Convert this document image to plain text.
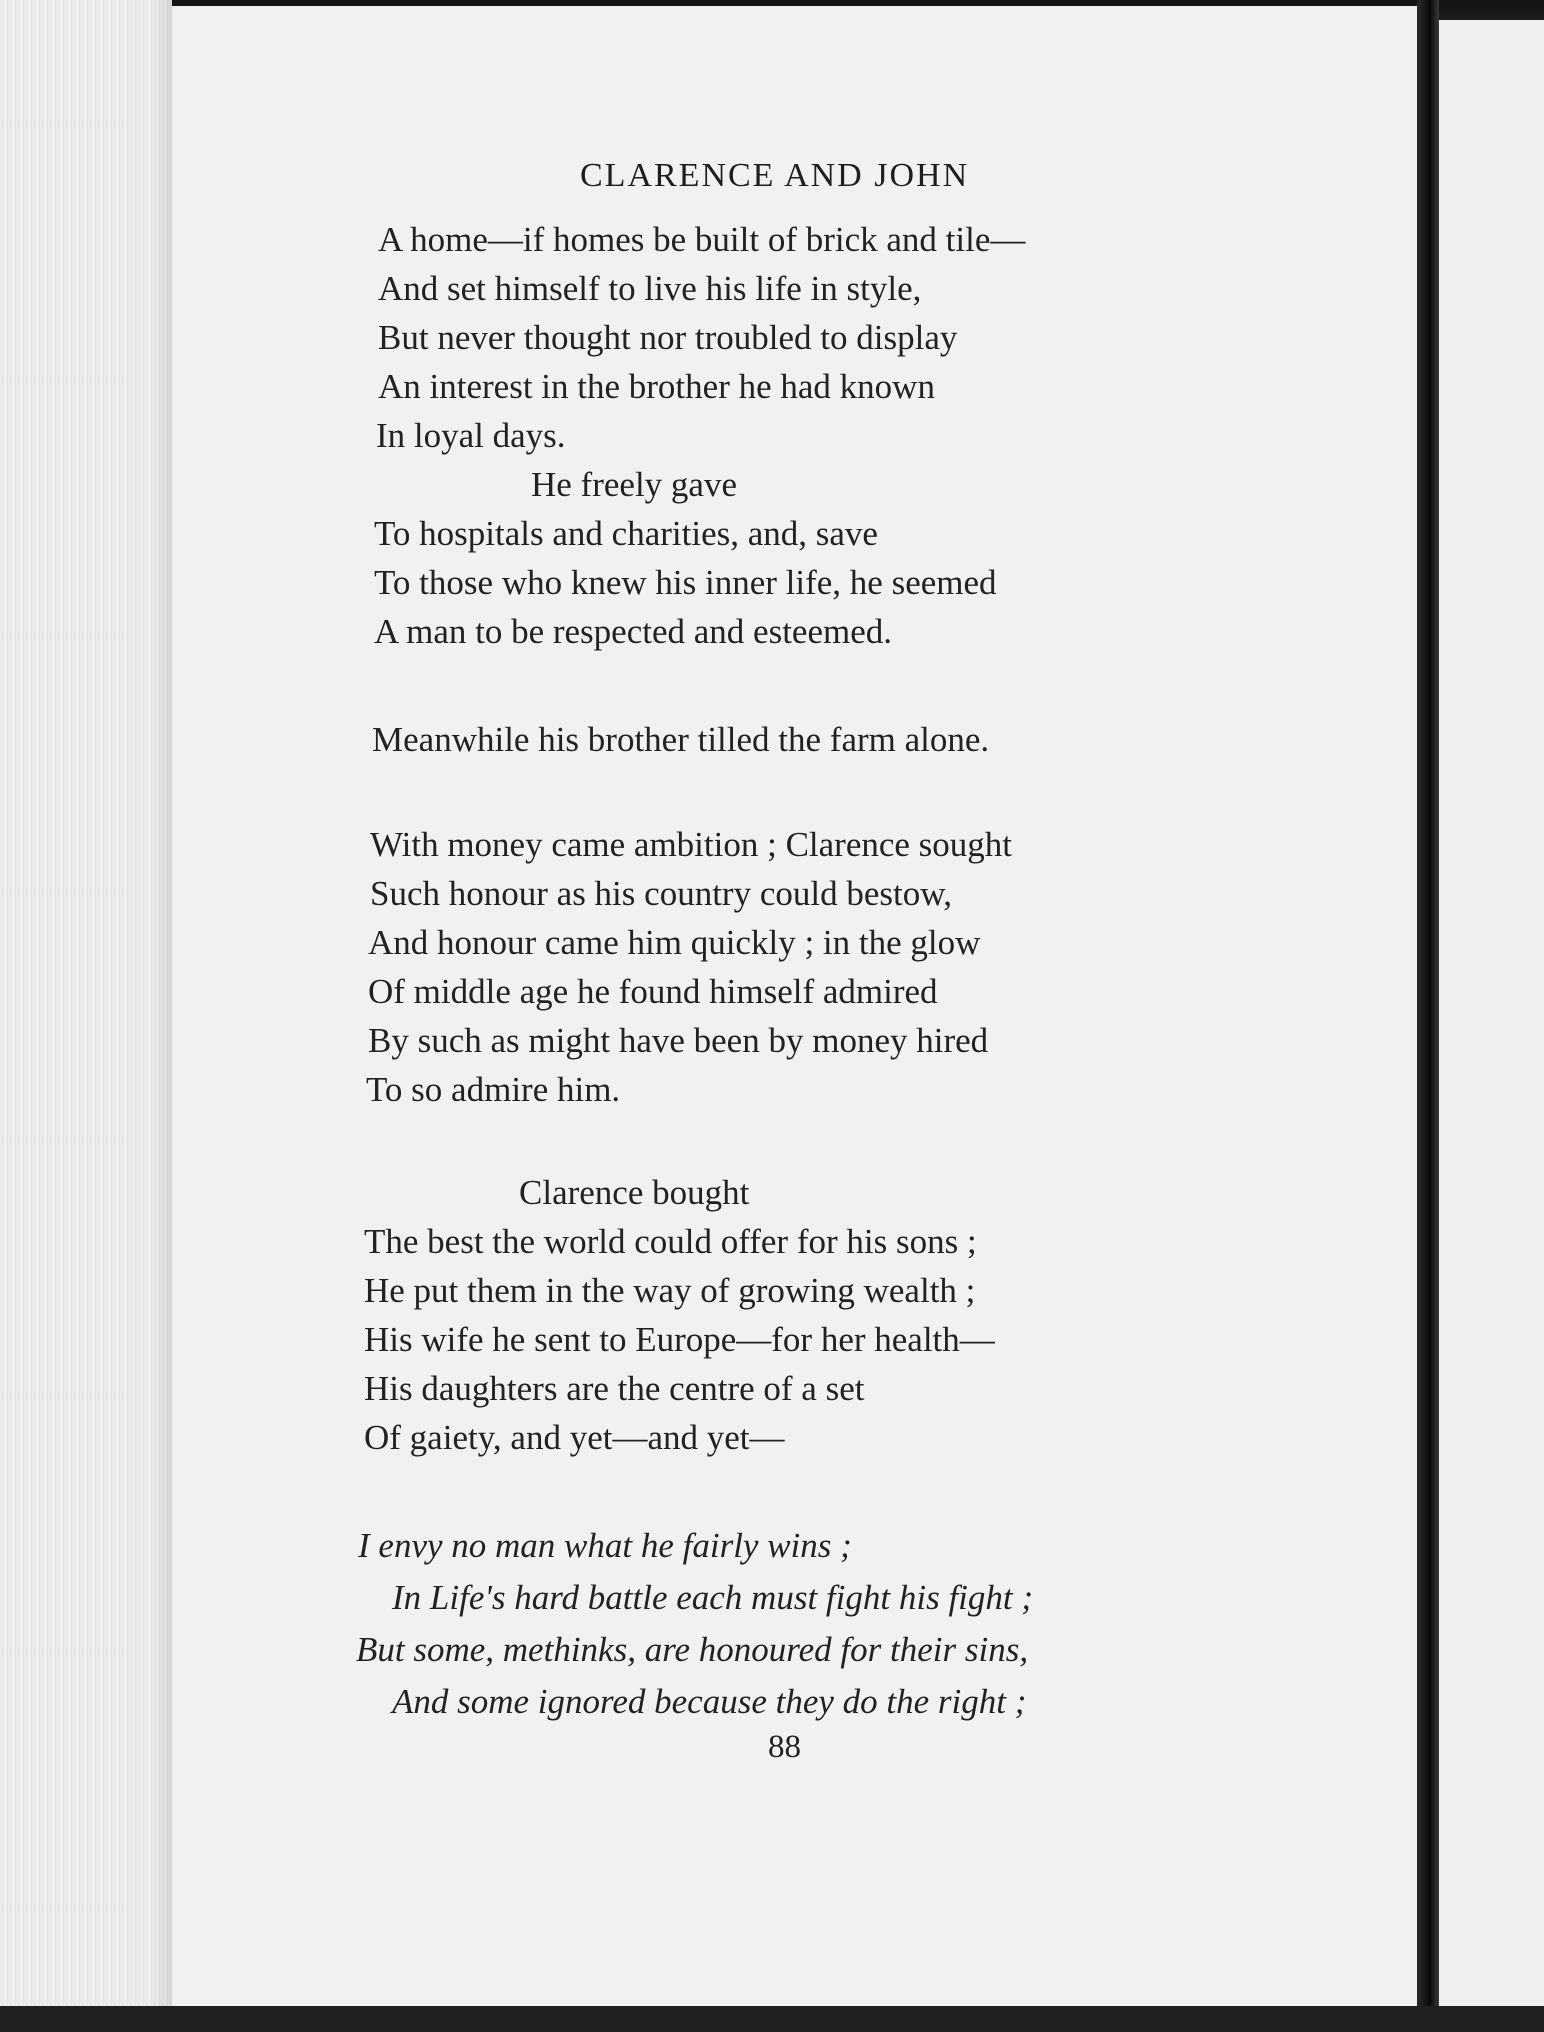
CLARENCE AND JOHN
A home—if homes be built of brick and tile—
And set himself to live his life in style,
But never thought nor troubled to display
An interest in the brother he had known
In loyal days.
He freely gave
To hospitals and charities, and, save
To those who knew his inner life, he seemed
A man to be respected and esteemed.
Meanwhile his brother tilled the farm alone.
With money came ambition ; Clarence sought
Such honour as his country could bestow,
And honour came him quickly ; in the glow
Of middle age he found himself admired
By such as might have been by money hired
To so admire him.
Clarence bought
The best the world could offer for his sons ;
He put them in the way of growing wealth ;
His wife he sent to Europe—for her health—
His daughters are the centre of a set
Of gaiety, and yet—and yet—
I envy no man what he fairly wins ;
In Life's hard battle each must fight his fight ;
But some, methinks, are honoured for their sins,
And some ignored because they do the right ;
88
